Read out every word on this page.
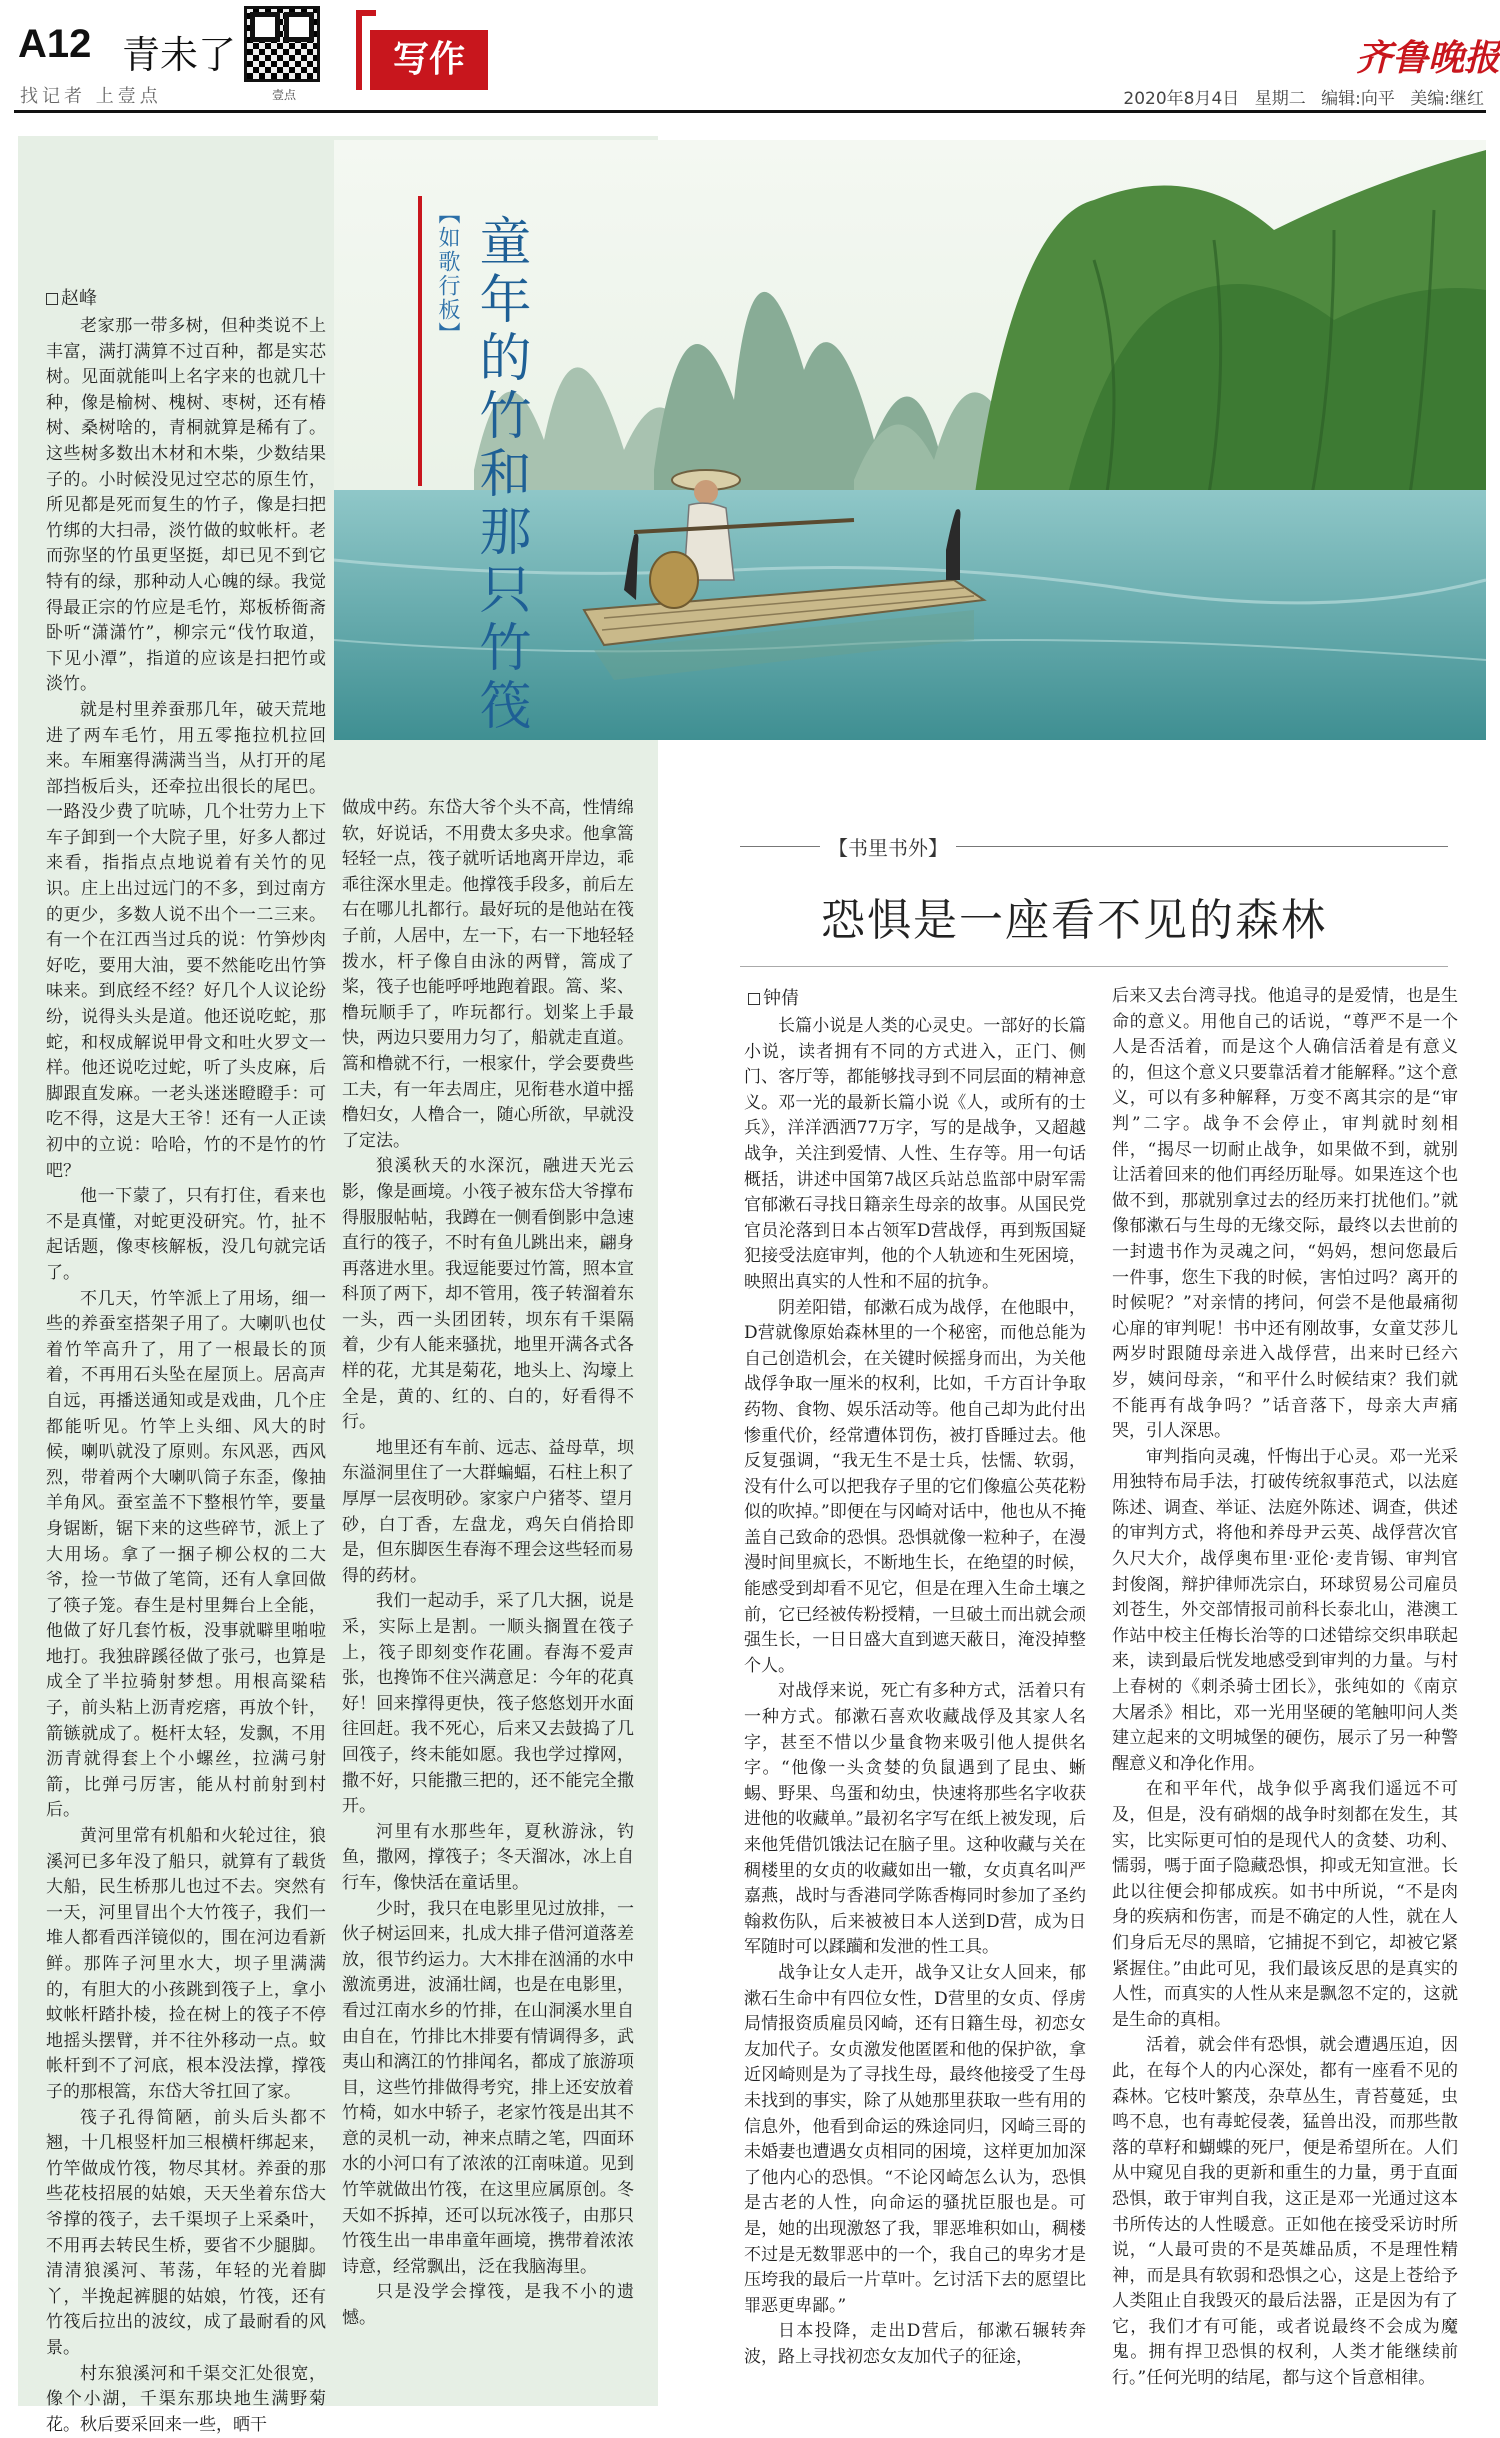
A12 青未了
找记者 上壹点	壹点
写作	齐鲁晚报
2020年8月4日 星期二 编辑:向平 美编:继红
【如歌行板】 童年的竹和那只竹筏
赵峰

老家那一带多树，但种类说不上丰富，满打满算不过百种，都是实芯树。见面就能叫上名字来的也就几十种，像是榆树、槐树、枣树，还有椿树、桑树啥的，青桐就算是稀有了。这些树多数出木材和木柴，少数结果子的。小时候没见过空芯的原生竹，所见都是死而复生的竹子，像是扫把竹绑的大扫帚，淡竹做的蚊帐杆。老而弥坚的竹虽更坚挺，却已见不到它特有的绿，那种动人心魄的绿。我觉得最正宗的竹应是毛竹，郑板桥衙斋卧听“潇潇竹”，柳宗元“伐竹取道，下见小潭”，指道的应该是扫把竹或淡竹。

就是村里养蚕那几年，破天荒地进了两车毛竹，用五零拖拉机拉回来。车厢塞得满满当当，从打开的尾部挡板后头，还牵拉出很长的尾巴。一路没少费了吭哧，几个壮劳力上下车子卸到一个大院子里，好多人都过来看，指指点点地说着有关竹的见识。庄上出过远门的不多，到过南方的更少，多数人说不出个一二三来。有一个在江西当过兵的说：竹笋炒肉好吃，要用大油，要不然能吃出竹笋味来。到底经不经？好几个人议论纷纷，说得头头是道。他还说吃蛇，那蛇，和杈成解说甲骨文和吐火罗文一样。他还说吃过蛇，听了头皮麻，后脚跟直发麻。一老头迷迷瞪瞪手：可吃不得，这是大王爷！还有一人正读初中的立说：哈哈，竹的不是竹的竹吧？

他一下蒙了，只有打住，看来也不是真懂，对蛇更没研究。竹，扯不起话题，像枣核解板，没几句就完话了。

不几天，竹竿派上了用场，细一些的养蚕室搭架子用了。大喇叭也仗着竹竿高升了，用了一根最长的顶着，不再用石头坠在屋顶上。居高声自远，再播送通知或是戏曲，几个庄都能听见。竹竿上头细、风大的时候，喇叭就没了原则。东风恶，西风烈，带着两个大喇叭筒子东歪，像抽羊角风。蚕室盖不下整根竹竿，要量身锯断，锯下来的这些碎节，派上了大用场。拿了一捆子柳公权的二大爷，捡一节做了笔筒，还有人拿回做了筷子笼。春生是村里舞台上全能，他做了好几套竹板，没事就噼里啪啦地打。我独辟蹊径做了张弓，也算是成全了半拉骑射梦想。用根高粱秸子，前头粘上沥青疙瘩，再放个针，箭镞就成了。梃杆太轻，发飘，不用沥青就得套上个小螺丝，拉满弓射箭，比弹弓厉害，能从村前射到村后。

黄河里常有机船和火轮过往，狼溪河已多年没了船只，就算有了载货大船，民生桥那儿也过不去。突然有一天，河里冒出个大竹筏子，我们一堆人都看西洋镜似的，围在河边看新鲜。那阵子河里水大，坝子里满满的，有胆大的小孩跳到筏子上，拿小蚊帐杆踏扑棱，捡在树上的筏子不停地摇头摆臂，并不往外移动一点。蚊帐杆到不了河底，根本没法撑，撑筏子的那根篙，东岱大爷扛回了家。

筏子孔得简陋，前头后头都不翘，十几根竖杆加三根横杆绑起来，竹竿做成竹筏，物尽其材。养蚕的那些花枝招展的姑娘，天天坐着东岱大爷撑的筏子，去千渠坝子上采桑叶，不用再去转民生桥，要省不少腿脚。清清狼溪河、苇荡，年轻的光着脚丫，半挽起裤腿的姑娘，竹筏，还有竹筏后拉出的波纹，成了最耐看的风景。

村东狼溪河和千渠交汇处很宽，像个小湖，千渠东那块地生满野菊花。秋后要采回来一些，晒干

做成中药。东岱大爷个头不高，性情绵软，好说话，不用费太多央求。他拿篙轻轻一点，筏子就听话地离开岸边，乖乖往深水里走。他撑筏手段多，前后左右在哪儿扎都行。最好玩的是他站在筏子前，人居中，左一下，右一下地轻轻拨水，杆子像自由泳的两臂，篙成了桨，筏子也能呼呼地跑着跟。篙、桨、橹玩顺手了，咋玩都行。划桨上手最快，两边只要用力匀了，船就走直道。篙和橹就不行，一根家什，学会要费些工夫，有一年去周庄，见衔巷水道中摇橹妇女，人橹合一，随心所欲，早就没了定法。

狼溪秋天的水深沉，融进天光云影，像是画境。小筏子被东岱大爷撑布得服服帖帖，我蹲在一侧看倒影中急速直行的筏子，不时有鱼儿跳出来，翩身再落进水里。我逗能要过竹篙，照本宣科顶了两下，却不管用，筏子转溜着东一头，西一头团团转，坝东有千渠隔着，少有人能来骚扰，地里开满各式各样的花，尤其是菊花，地头上、沟壕上全是，黄的、红的、白的，好看得不行。

地里还有车前、远志、益母草，坝东溢洞里住了一大群蝙蝠，石柱上积了厚厚一层夜明砂。家家户户猪苓、望月砂，白丁香，左盘龙，鸡矢白俏拾即是，但东脚医生春海不理会这些轻而易得的药材。

我们一起动手，采了几大捆，说是采，实际上是割。一顺头搁置在筏子上，筏子即刻变作花圃。春海不爱声张，也搀饰不住兴满意足：今年的花真好！回来撑得更快，筏子悠悠划开水面往回赶。我不死心，后来又去鼓捣了几回筏子，终未能如愿。我也学过撑网，撒不好，只能撒三把的，还不能完全撒开。

河里有水那些年，夏秋游泳，钓鱼，撒网，撑筏子；冬天溜冰，冰上自行车，像快活在童话里。

少时，我只在电影里见过放排，一伙子树运回来，扎成大排子借河道落差放，很节约运力。大木排在汹涌的水中激流勇进，波涌壮阔，也是在电影里，看过江南水乡的竹排，在山洞溪水里自由自在，竹排比木排要有情调得多，武夷山和漓江的竹排闻名，都成了旅游项目，这些竹排做得考究，排上还安放着竹椅，如水中轿子，老家竹筏是出其不意的灵机一动，神来点睛之笔，四面环水的小河口有了浓浓的江南味道。见到竹竿就做出竹筏，在这里应属原创。冬天如不拆掉，还可以玩冰筏子，由那只竹筏生出一串串童年画境，携带着浓浓诗意，经常飘出，泛在我脑海里。

只是没学会撑筏，是我不小的遗憾。

【书里书外】
恐惧是一座看不见的森林
钟倩

长篇小说是人类的心灵史。一部好的长篇小说，读者拥有不同的方式进入，正门、侧门、客厅等，都能够找寻到不同层面的精神意义。邓一光的最新长篇小说《人，或所有的士兵》，洋洋洒洒77万字，写的是战争，又超越战争，关注到爱情、人性、生存等。用一句话概括，讲述中国第7战区兵站总监部中尉军需官郁漱石寻找日籍亲生母亲的故事。从国民党官员沦落到日本占领军D营战俘，再到叛国疑犯接受法庭审判，他的个人轨迹和生死困境，映照出真实的人性和不屈的抗争。

阴差阳错，郁漱石成为战俘，在他眼中，D营就像原始森林里的一个秘密，而他总能为自己创造机会，在关键时候摇身而出，为关他战俘争取一厘米的权利，比如，千方百计争取药物、食物、娱乐活动等。他自己却为此付出惨重代价，经常遭体罚伤，被打昏睡过去。他反复强调，“我无生不是士兵，怯懦、软弱，没有什么可以把我存子里的它们像瘟公英花粉似的吹掉。”即便在与冈崎对话中，他也从不掩盖自己致命的恐惧。恐惧就像一粒种子，在漫漫时间里疯长，不断地生长，在绝望的时候，能感受到却看不见它，但是在理入生命土壤之前，它已经被传粉授精，一旦破土而出就会顽强生长，一日日盛大直到遮天蔽日，淹没掉整个人。

对战俘来说，死亡有多种方式，活着只有一种方式。郁漱石喜欢收藏战俘及其家人名字，甚至不惜以少量食物来吸引他人提供名字。“他像一头贪婪的负鼠遇到了昆虫、蜥蜴、野果、鸟蛋和幼虫，快速将那些名字收获进他的收藏单。”最初名字写在纸上被发现，后来他凭借饥饿法记在脑子里。这种收藏与关在稠楼里的女贞的收藏如出一辙，女贞真名叫严嘉燕，战时与香港同学陈香梅同时参加了圣约翰救伤队，后来被被日本人送到D营，成为日军随时可以蹂躏和发泄的性工具。

战争让女人走开，战争又让女人回来，郁漱石生命中有四位女性，D营里的女贞、俘虏局情报资质雇员冈崎，还有日籍生母，初恋女友加代子。女贞激发他匿匿和他的保护欲，拿近冈崎则是为了寻找生母，最终他接受了生母未找到的事实，除了从她那里获取一些有用的信息外，他看到命运的殊途同归，冈崎三哥的未婚妻也遭遇女贞相同的困境，这样更加加深了他内心的恐惧。“不论冈崎怎么认为，恐惧是古老的人性，向命运的骚扰臣服也是。可是，她的出现激怒了我，罪恶堆积如山，稠楼不过是无数罪恶中的一个，我自己的卑劣才是压垮我的最后一片草叶。乞讨活下去的愿望比罪恶更卑鄙。”

日本投降，走出D营后，郁漱石辗转奔波，路上寻找初恋女友加代子的征途，

后来又去台湾寻找。他追寻的是爱情，也是生命的意义。用他自己的话说，“尊严不是一个人是否活着，而是这个人确信活着是有意义的，但这个意义只要靠活着才能解释。”这个意义，可以有多种解释，万变不离其宗的是“审判”二字。战争不会停止，审判就时刻相伴，“揭尽一切耐止战争，如果做不到，就别让活着回来的他们再经历耻辱。如果连这个也做不到，那就别拿过去的经历来打扰他们。”就像郁漱石与生母的无缘交际，最终以去世前的一封遗书作为灵魂之问，“妈妈，想问您最后一件事，您生下我的时候，害怕过吗？离开的时候呢？”对亲情的拷问，何尝不是他最痛彻心扉的审判呢！书中还有刚故事，女童艾莎儿两岁时跟随母亲进入战俘营，出来时已经六岁，姨问母亲，“和平什么时候结束？我们就不能再有战争吗？”话音落下，母亲大声痛哭，引人深思。

审判指向灵魂，忏悔出于心灵。邓一光采用独特布局手法，打破传统叙事范式，以法庭陈述、调查、举证、法庭外陈述、调查，供述的审判方式，将他和养母尹云英、战俘营次官久尺大介，战俘奥布里·亚伦·麦肯锡、审判官封俊阁，辩护律师冼宗白，环球贸易公司雇员刘苍生，外交部情报司前科长泰北山，港澳工作站中校主任梅长治等的口述错综交织串联起来，读到最后恍发地感受到审判的力量。与村上春树的《刺杀骑士团长》，张纯如的《南京大屠杀》相比，邓一光用坚硬的笔触叩问人类建立起来的文明城堡的硬伤，展示了另一种警醒意义和净化作用。

在和平年代，战争似乎离我们遥远不可及，但是，没有硝烟的战争时刻都在发生，其实，比实际更可怕的是现代人的贪婪、功利、懦弱，嗎于面子隐藏恐惧，抑或无知宣泄。长此以往便会抑郁成疾。如书中所说，“不是肉身的疾病和伤害，而是不确定的人性，就在人们身后无尽的黑暗，它捕捉不到它，却被它紧紧握住。”由此可见，我们最该反思的是真实的人性，而真实的人性从来是飘忽不定的，这就是生命的真相。

活着，就会伴有恐惧，就会遭遇压迫，因此，在每个人的内心深处，都有一座看不见的森林。它枝叶繁茂，杂草丛生，青苔蔓延，虫鸣不息，也有毒蛇侵袭，猛兽出没，而那些散落的草籽和蝴蝶的死尸，便是希望所在。人们从中窥见自我的更新和重生的力量，勇于直面恐惧，敢于审判自我，这正是邓一光通过这本书所传达的人性暖意。正如他在接受采访时所说，“人最可贵的不是英雄品质，不是理性精神，而是具有软弱和恐惧之心，这是上苍给予人类阻止自我毁灭的最后法器，正是因为有了它，我们才有可能，或者说最终不会成为魔鬼。拥有捍卫恐惧的权利，人类才能继续前行。”任何光明的结尾，都与这个旨意相律。
